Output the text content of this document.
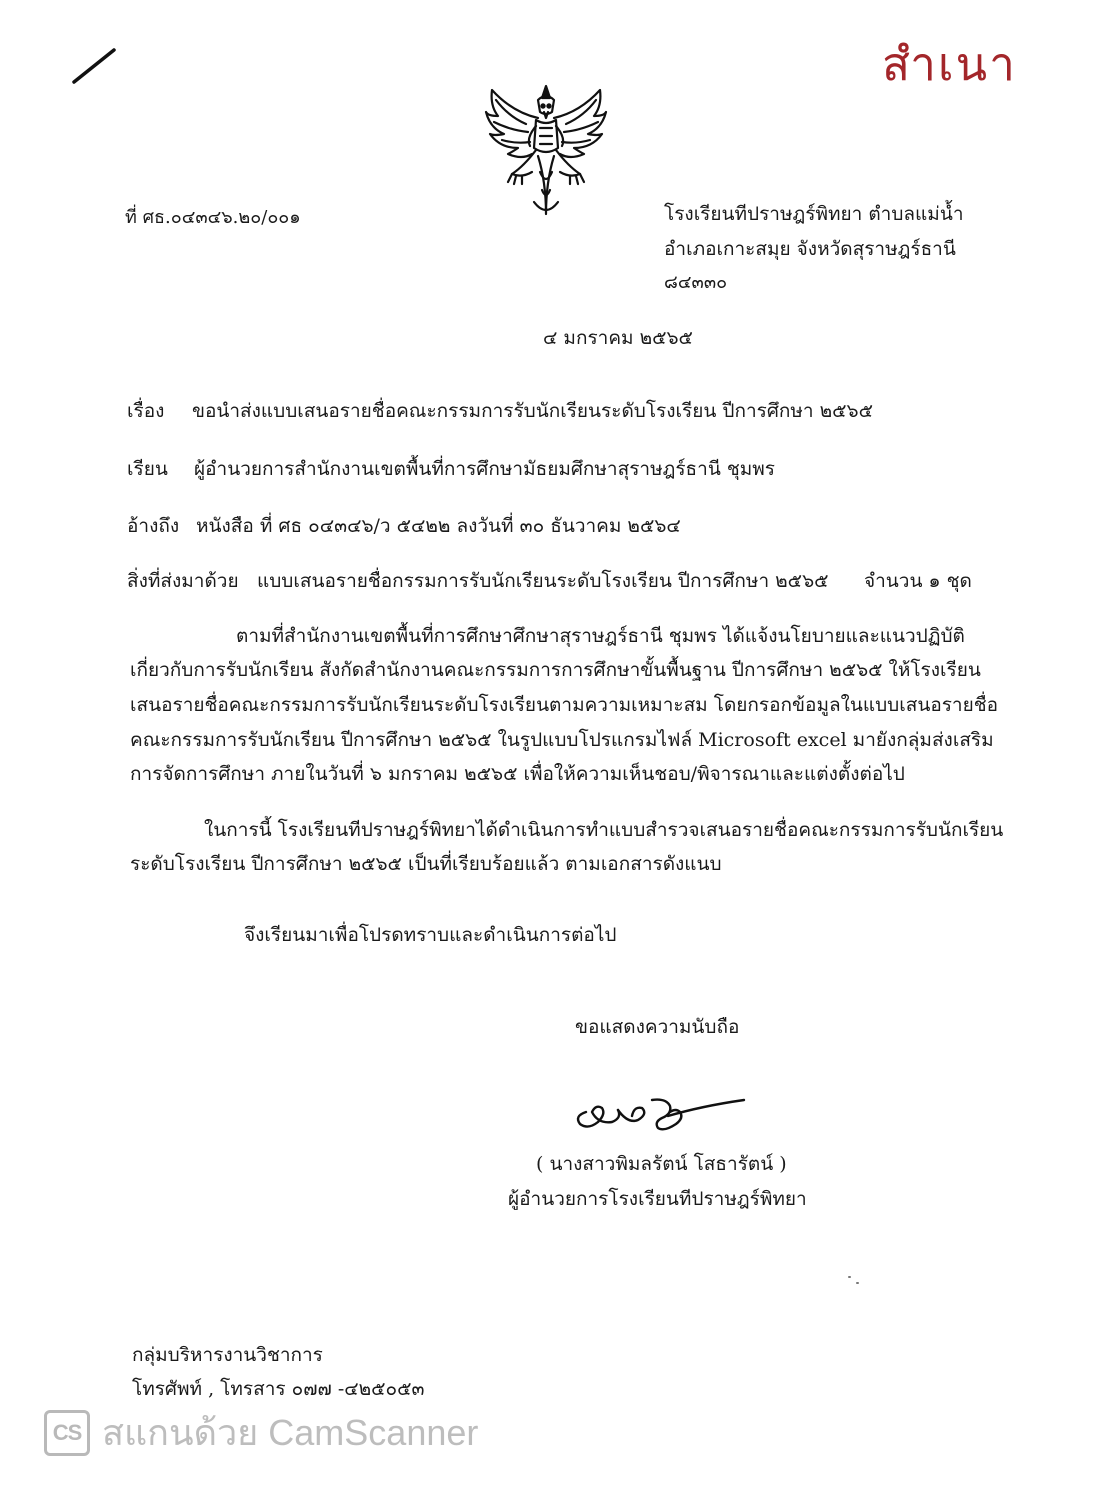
สำเนา
ที่ ศธ.๐๔๓๔๖.๒๐/๐๐๑	โรงเรียนทีปราษฎร์พิทยา ตำบลแม่น้ำ
อำเภอเกาะสมุย จังหวัดสุราษฎร์ธานี
๘๔๓๓๐
๔ มกราคม ๒๕๖๕
เรื่อง ขอนำส่งแบบเสนอรายชื่อคณะกรรมการรับนักเรียนระดับโรงเรียน ปีการศึกษา ๒๕๖๕
เรียน ผู้อำนวยการสำนักงานเขตพื้นที่การศึกษามัธยมศึกษาสุราษฎร์ธานี ชุมพร
อ้างถึง หนังสือ ที่ ศธ ๐๔๓๔๖/ว ๕๔๒๒ ลงวันที่ ๓๐ ธันวาคม ๒๕๖๔
สิ่งที่ส่งมาด้วย แบบเสนอรายชื่อกรรมการรับนักเรียนระดับโรงเรียน ปีการศึกษา ๒๕๖๕ จำนวน ๑ ชุด
ตามที่สำนักงานเขตพื้นที่การศึกษาศึกษาสุราษฎร์ธานี ชุมพร ได้แจ้งนโยบายและแนวปฏิบัติ
เกี่ยวกับการรับนักเรียน สังกัดสำนักงานคณะกรรมการการศึกษาขั้นพื้นฐาน ปีการศึกษา ๒๕๖๕ ให้โรงเรียน
เสนอรายชื่อคณะกรรมการรับนักเรียนระดับโรงเรียนตามความเหมาะสม โดยกรอกข้อมูลในแบบเสนอรายชื่อ
คณะกรรมการรับนักเรียน ปีการศึกษา ๒๕๖๕ ในรูปแบบโปรแกรมไฟล์ Microsoft excel มายังกลุ่มส่งเสริม
การจัดการศึกษา ภายในวันที่ ๖ มกราคม ๒๕๖๕ เพื่อให้ความเห็นชอบ/พิจารณาและแต่งตั้งต่อไป
ในการนี้ โรงเรียนทีปราษฎร์พิทยาได้ดำเนินการทำแบบสำรวจเสนอรายชื่อคณะกรรมการรับนักเรียน
ระดับโรงเรียน ปีการศึกษา ๒๕๖๕ เป็นที่เรียบร้อยแล้ว ตามเอกสารดังแนบ
จึงเรียนมาเพื่อโปรดทราบและดำเนินการต่อไป
ขอแสดงความนับถือ
( นางสาวพิมลรัตน์ โสธารัตน์ )
ผู้อำนวยการโรงเรียนทีปราษฎร์พิทยา
กลุ่มบริหารงานวิชาการ
โทรศัพท์ , โทรสาร ๐๗๗ -๔๒๕๐๕๓
CS สแกนด้วย CamScanner
